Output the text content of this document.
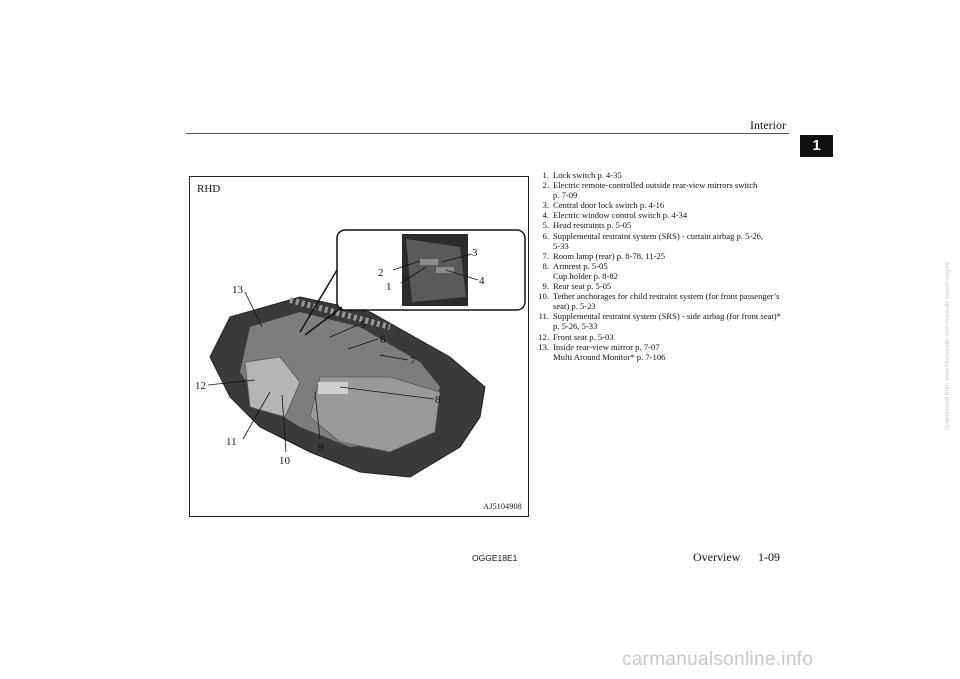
Interior
1
1
2
3
4
5
6
7
8
9
10
11
12
13
RHD
AJ5104908
1. Lock switch p. 4-35
2. Electric remote-controlled outside rear-view mirrors switch
p. 7-09
3. Central door lock switch p. 4-16
4. Electric window control switch p. 4-34
5. Head restraints p. 5-05
6. Supplemental restraint system (SRS) - curtain airbag p. 5-26,
5-33
7. Room lamp (rear) p. 8-78, 11-25
8. Armrest p. 5-05
Cup holder p. 8-82
9. Rear seat p. 5-05
10. Tether anchorages for child restraint system (for front passenger’s
seat) p. 5-23
11. Supplemental restraint system (SRS) - side airbag (for front seat)*
p. 5-26, 5-33
12. Front seat p. 5-03
13. Inside rear-view mirror p. 7-07
Multi Around Monitor* p. 7-106
OGGE18E1	Overview 1-09
carmanualsonline.info
Downloaded from www.Manualslib.com manuals search engine
